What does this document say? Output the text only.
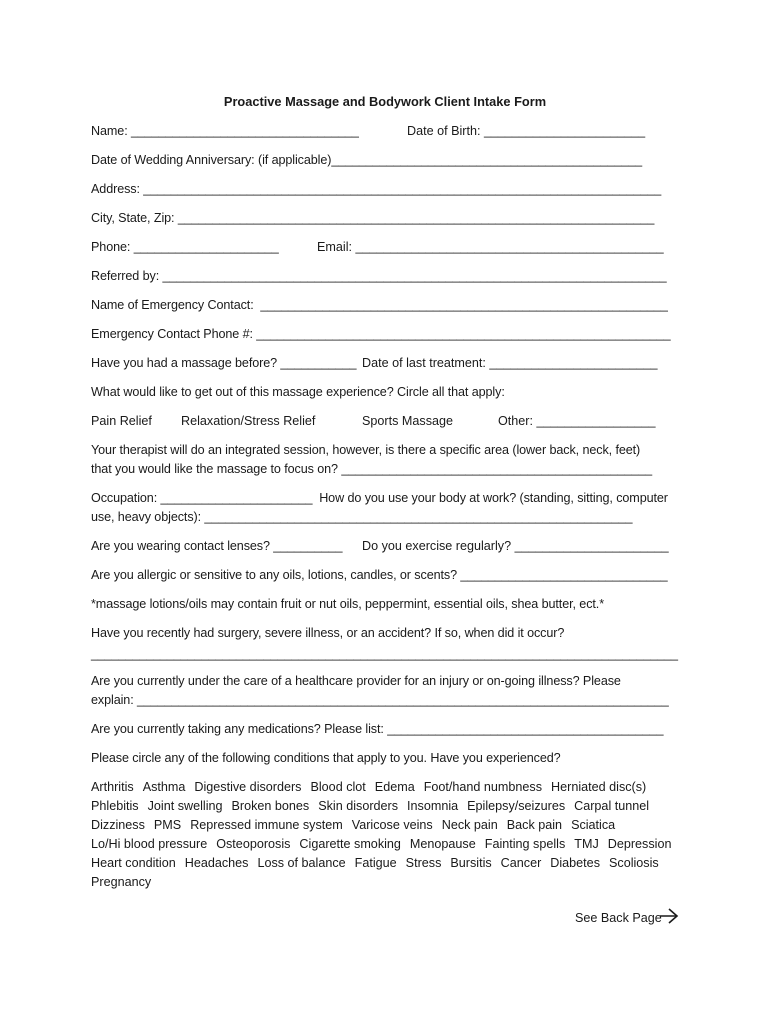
Proactive Massage and Bodywork Client Intake Form
Name: _________________________________	Date of Birth: _______________________
Date of Wedding Anniversary: (if applicable)_____________________________________________
Address: ___________________________________________________________________________
City, State, Zip: _____________________________________________________________________
Phone: _____________________	Email: ____________________________________________
Referred by: _________________________________________________________________________
Name of Emergency Contact:  ___________________________________________________________
Emergency Contact Phone #: ____________________________________________________________
Have you had a massage before? ___________ Date of last treatment: ________________________
What would like to get out of this massage experience? Circle all that apply:
Pain Relief Relaxation/Stress Relief	Sports Massage	Other: _________________
Your therapist will do an integrated session, however, is there a specific area (lower back, neck, feet)
that you would like the massage to focus on? _____________________________________________
Occupation: ______________________  How do you use your body at work? (standing, sitting, computer
use, heavy objects): ______________________________________________________________
Are you wearing contact lenses? __________ Do you exercise regularly? ______________________
Are you allergic or sensitive to any oils, lotions, candles, or scents? ______________________________
*massage lotions/oils may contain fruit or nut oils, peppermint, essential oils, shea butter, ect.*
Have you recently had surgery, severe illness, or an accident? If so, when did it occur?
_____________________________________________________________________________________
Are you currently under the care of a healthcare provider for an injury or on-going illness? Please
explain: _____________________________________________________________________________
Are you currently taking any medications? Please list: ________________________________________
Please circle any of the following conditions that apply to you. Have you experienced?
Arthritis Asthma Digestive disorders Blood clot Edema Foot/hand numbness Herniated disc(s)
Phlebitis Joint swelling Broken bones Skin disorders Insomnia Epilepsy/seizures Carpal tunnel
Dizziness PMS Repressed immune system Varicose veins Neck pain Back pain Sciatica
Lo/Hi blood pressure Osteoporosis Cigarette smoking Menopause Fainting spells TMJ Depression
Heart condition Headaches Loss of balance Fatigue Stress Bursitis Cancer Diabetes Scoliosis
Pregnancy
See Back Page
